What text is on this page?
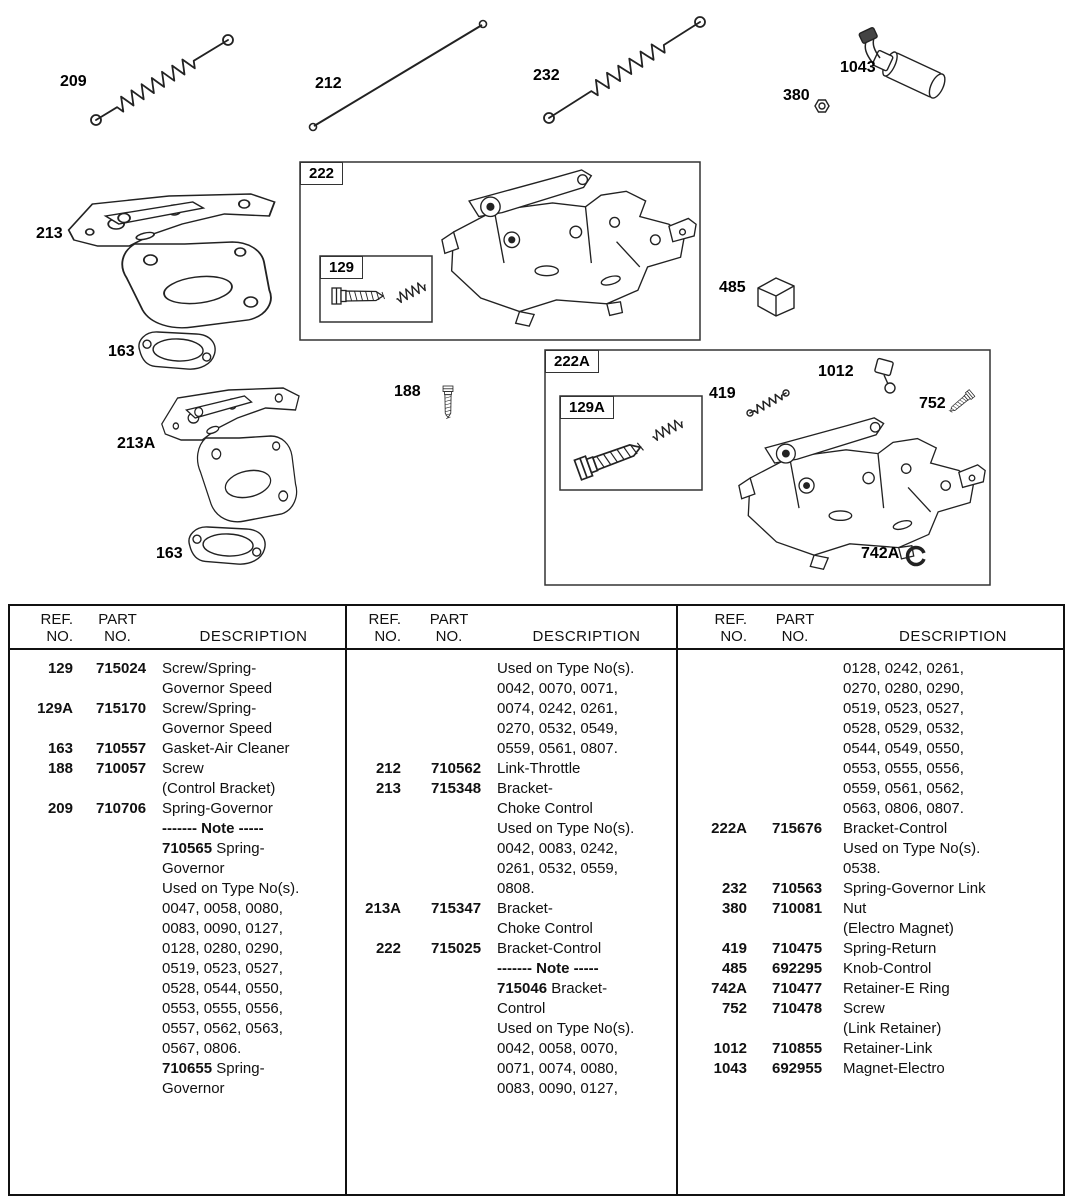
209	212	232	1043
380
213
163
485
188
213A
163
419
1012
752
742A
222
129
222A
129A
REF.
NO.
PART
NO.	DESCRIPTION
129	715024	Screw/Spring-
Governor Speed
129A	715170	Screw/Spring-
Governor Speed
163	710557	Gasket-Air Cleaner
188	710057	Screw
(Control Bracket)
209	710706	Spring-Governor
------- Note -----
710565 Spring-
Governor
Used on Type No(s).
0047, 0058, 0080,
0083, 0090, 0127,
0128, 0280, 0290,
0519, 0523, 0527,
0528, 0544, 0550,
0553, 0555, 0556,
0557, 0562, 0563,
0567, 0806.
710655 Spring-
Governor
REF.
NO.
PART
NO.	DESCRIPTION
Used on Type No(s).
0042, 0070, 0071,
0074, 0242, 0261,
0270, 0532, 0549,
0559, 0561, 0807.
212	710562	Link-Throttle
213	715348	Bracket-
Choke Control
Used on Type No(s).
0042, 0083, 0242,
0261, 0532, 0559,
0808.
213A	715347	Bracket-
Choke Control
222	715025	Bracket-Control
------- Note -----
715046 Bracket-
Control
Used on Type No(s).
0042, 0058, 0070,
0071, 0074, 0080,
0083, 0090, 0127,
REF.
NO.
PART
NO.	DESCRIPTION
0128, 0242, 0261,
0270, 0280, 0290,
0519, 0523, 0527,
0528, 0529, 0532,
0544, 0549, 0550,
0553, 0555, 0556,
0559, 0561, 0562,
0563, 0806, 0807.
222A	715676	Bracket-Control
Used on Type No(s).
0538.
232	710563	Spring-Governor Link
380	710081	Nut
(Electro Magnet)
419	710475	Spring-Return
485	692295	Knob-Control
742A	710477	Retainer-E Ring
752	710478	Screw
(Link Retainer)
1012	710855	Retainer-Link
1043	692955	Magnet-Electro
